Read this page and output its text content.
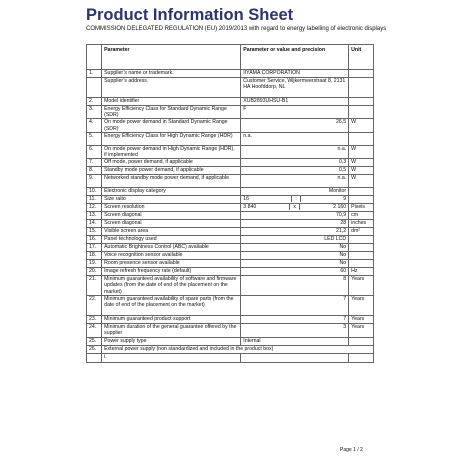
Product Information Sheet
COMMISSION DELEGATED REGULATION (EU) 2019/2013 with regard to energy labelling of electronic displays
	Parameter	Parameter or value and precision	Unit
1.	Supplier’s name or trademark.	IIYAMA CORPORATION	
	Supplier’s address.	Customer Service, Wijkermeerstraat 8, 2131 HA Hoofddorp, NL	
2.	Model identifier	XUB2893UHSU-B1	
3.	Energy Efficiency Class for Standard Dynamic Range (SDR)	F	
4.	On mode power demand in Standard Dynamic Range (SDR)	26,5	W
5.	Energy Efficiency Class for High Dynamic Range (HDR)	n.a.	
6.	On mode power demand in High Dynamic Range (HDR), if implemented	n.a.	W
7.	Off mode, power demand, if applicable	0,3	W
8.	Standby mode power demand, if applicable	0,5	W
9.	Networked standby mode power demand, if applicable	n.a.	W
10.	Electronic display category	Monitor	
11.	Size ratio	16 : 9	

12.	Screen resolution	3 840 x 2 160	Pixels
13.	Screen diagonal	70,9	cm
14.	Screen diagonal	28	inches
15.	Visible screen area	21,2	dm²
16.	Panel technology used	LED LCD	
17.	Automatic Brightness Control (ABC) available	No	
18.	Voice recognition sensor available	No	
19.	Room presence sensor available	No	
20.	Image refresh frequency rate (default)	60	Hz
21.	Minimum guaranteed availability of software and firmware updates (from the date of end of the placement on the market)	8	Years
22.	Minimum guaranteed availability of spare parts (from the date of end of the placement on the market)	7	Years
23.	Minimum guaranteed product support	7	Years
24.	Minimum duration of the general guarantee offered by the supplier	3	Years
25.	Power supply type	Internal	
26.	External power supply (non standardized and included in the product box)		
	i.		
Page 1 / 2
